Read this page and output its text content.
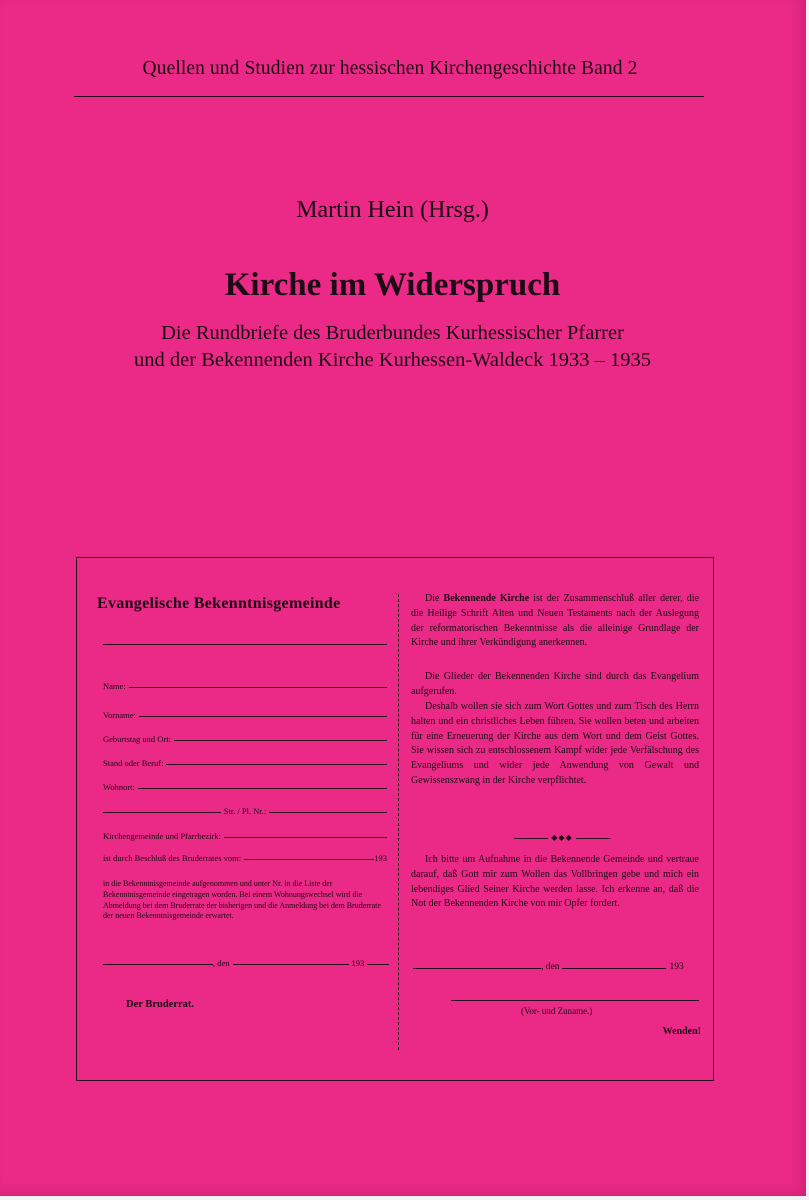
Quellen und Studien zur hessischen Kirchengeschichte Band 2
Martin Hein (Hrsg.)
Kirche im Widerspruch
Die Rundbriefe des Bruderbundes Kurhessischer Pfarrer
und der Bekennenden Kirche Kurhessen-Waldeck 1933 – 1935
Evangelische Bekenntnisgemeinde
Name:
Vorname:
Geburtstag und Ort:
Stand oder Beruf:
Wohnort:
Str. / Pl. Nr.:
Kirchengemeinde und Pfarrbezirk:
ist durch Beschluß des Bruderrates vom:	193
in die Bekenntnisgemeinde aufgenommen und unter Nr. in die Liste der Bekenntnisgemeinde eingetragen worden. Bei einem Wohnungswechsel wird die Abmeldung bei dem Bruderrate der bisherigen und die Anmeldung bei dem Bruderrate der neuen Bekenntnisgemeinde erwartet.
, den	193

Die Bekennende Kirche ist der Zusammenschluß aller derer, die die Heilige Schrift Alten und Neuen Testaments nach der Auslegung der reformatorischen Bekenntnisse als die alleinige Grundlage der Kirche und ihrer Verkündigung anerkennen.

Die Glieder der Bekennenden Kirche sind durch das Evangelium aufgerufen.

Deshalb wollen sie sich zum Wort Gottes und zum Tisch des Herrn halten und ein christliches Leben führen. Sie wollen beten und arbeiten für eine Erneuerung der Kirche aus dem Wort und dem Geist Gottes. Sie wissen sich zu entschlossenem Kampf wider jede Verfälschung des Evangeliums und wider jede Anwendung von Gewalt und Gewissenszwang in der Kirche verpflichtet.

◆◆◆

Ich bitte um Aufnahme in die Bekennende Gemeinde und vertraue darauf, daß Gott mir zum Wollen das Vollbringen gebe und mich ein lebendiges Glied Seiner Kirche werden lasse. Ich erkenne an, daß die Not der Bekennenden Kirche von mir Opfer fordert.

, den	193
(Vor- und Zuname.)
Wenden!
Der Bruderrat.
